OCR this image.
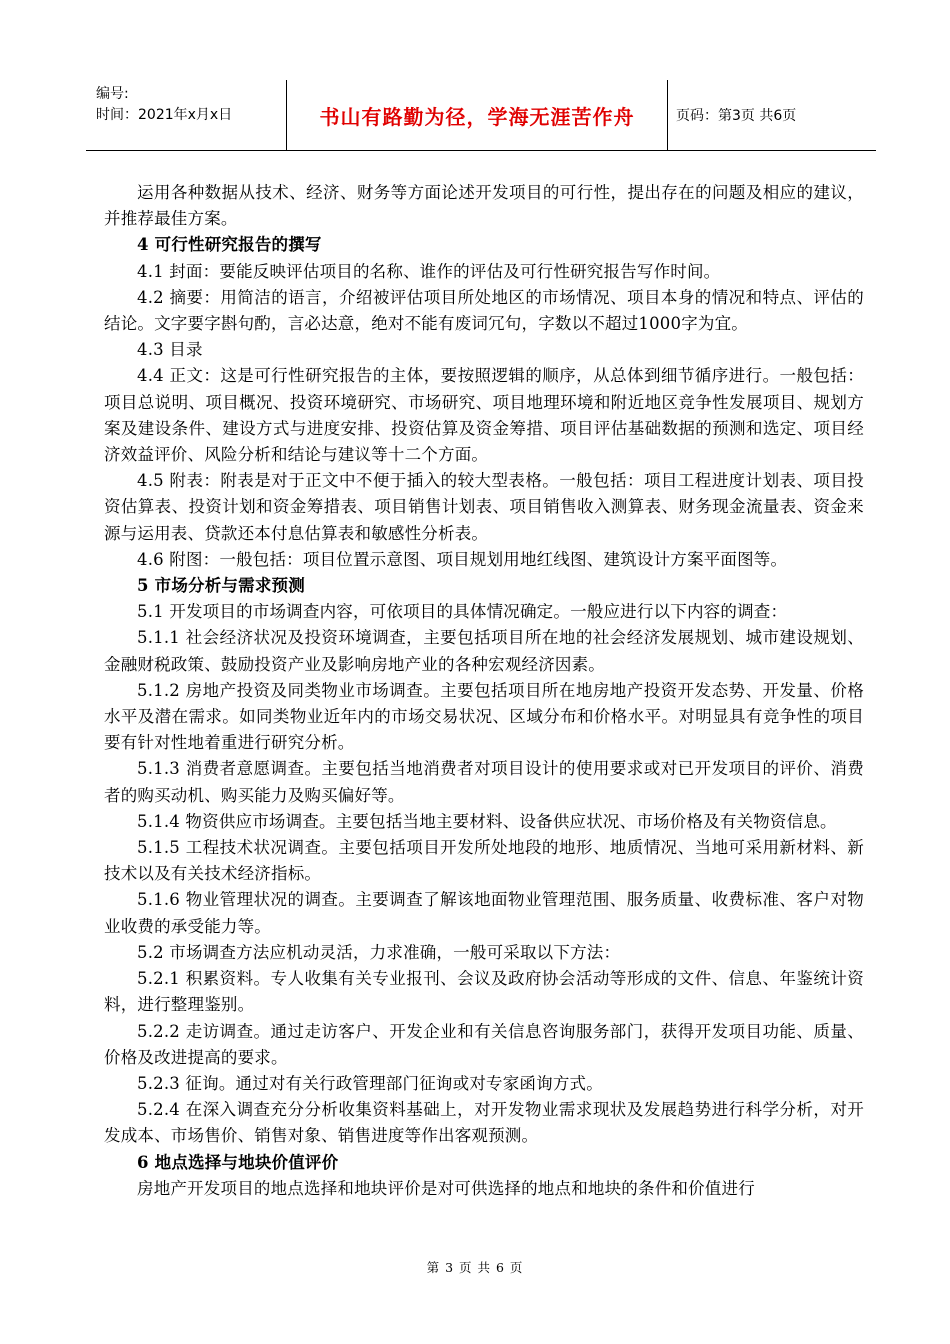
编号:
时间：2021年x月x日	书山有路勤为径，学海无涯苦作舟	页码：第3页 共6页

运用各种数据从技术、经济、财务等方面论述开发项目的可行性，提出存在的问题及相应的建议，并推荐最佳方案。

4 可行性研究报告的撰写

4.1 封面：要能反映评估项目的名称、谁作的评估及可行性研究报告写作时间。

4.2 摘要：用简洁的语言，介绍被评估项目所处地区的市场情况、项目本身的情况和特点、评估的结论。文字要字斟句酌，言必达意，绝对不能有废词冗句，字数以不超过1000字为宜。

4.3 目录

4.4 正文：这是可行性研究报告的主体，要按照逻辑的顺序，从总体到细节循序进行。一般包括：项目总说明、项目概况、投资环境研究、市场研究、项目地理环境和附近地区竞争性发展项目、规划方案及建设条件、建设方式与进度安排、投资估算及资金筹措、项目评估基础数据的预测和选定、项目经济效益评价、风险分析和结论与建议等十二个方面。

4.5 附表：附表是对于正文中不便于插入的较大型表格。一般包括：项目工程进度计划表、项目投资估算表、投资计划和资金筹措表、项目销售计划表、项目销售收入测算表、财务现金流量表、资金来源与运用表、贷款还本付息估算表和敏感性分析表。

4.6 附图：一般包括：项目位置示意图、项目规划用地红线图、建筑设计方案平面图等。

5 市场分析与需求预测

5.1 开发项目的市场调查内容，可依项目的具体情况确定。一般应进行以下内容的调查：

5.1.1 社会经济状况及投资环境调查，主要包括项目所在地的社会经济发展规划、城市建设规划、金融财税政策、鼓励投资产业及影响房地产业的各种宏观经济因素。

5.1.2 房地产投资及同类物业市场调查。主要包括项目所在地房地产投资开发态势、开发量、价格水平及潜在需求。如同类物业近年内的市场交易状况、区域分布和价格水平。对明显具有竞争性的项目要有针对性地着重进行研究分析。

5.1.3 消费者意愿调查。主要包括当地消费者对项目设计的使用要求或对已开发项目的评价、消费者的购买动机、购买能力及购买偏好等。

5.1.4 物资供应市场调查。主要包括当地主要材料、设备供应状况、市场价格及有关物资信息。

5.1.5 工程技术状况调查。主要包括项目开发所处地段的地形、地质情况、当地可采用新材料、新技术以及有关技术经济指标。

5.1.6 物业管理状况的调查。主要调查了解该地面物业管理范围、服务质量、收费标准、客户对物业收费的承受能力等。

5.2 市场调查方法应机动灵活，力求准确，一般可采取以下方法：

5.2.1 积累资料。专人收集有关专业报刊、会议及政府协会活动等形成的文件、信息、年鉴统计资料，进行整理鉴别。

5.2.2 走访调查。通过走访客户、开发企业和有关信息咨询服务部门，获得开发项目功能、质量、价格及改进提高的要求。

5.2.3 征询。通过对有关行政管理部门征询或对专家函询方式。

5.2.4 在深入调查充分分析收集资料基础上，对开发物业需求现状及发展趋势进行科学分析，对开发成本、市场售价、销售对象、销售进度等作出客观预测。

6 地点选择与地块价值评价

房地产开发项目的地点选择和地块评价是对可供选择的地点和地块的条件和价值进行

第 3 页 共 6 页
